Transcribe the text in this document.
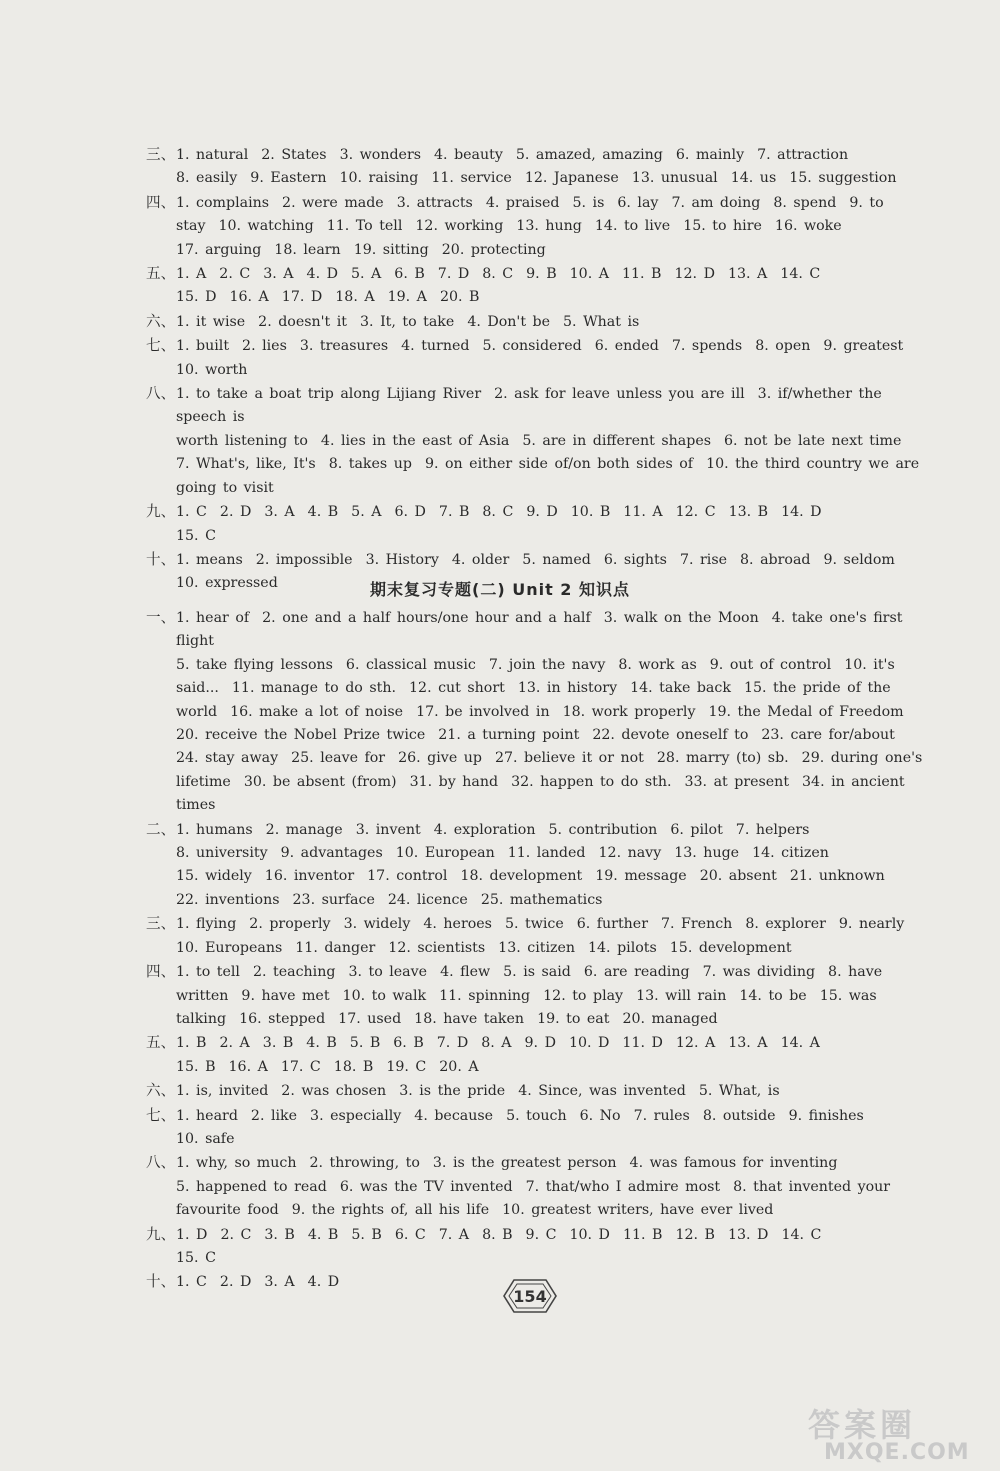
三、 1. natural  2. States  3. wonders  4. beauty  5. amazed, amazing  6. mainly  7. attraction
8. easily  9. Eastern  10. raising  11. service  12. Japanese  13. unusual  14. us  15. suggestion
四、 1. complains  2. were made  3. attracts  4. praised  5. is  6. lay  7. am doing  8. spend  9. to
stay  10. watching  11. To tell  12. working  13. hung  14. to live  15. to hire  16. woke
17. arguing  18. learn  19. sitting  20. protecting
五、 1. A  2. C  3. A  4. D  5. A  6. B  7. D  8. C  9. B  10. A  11. B  12. D  13. A  14. C
15. D  16. A  17. D  18. A  19. A  20. B
六、 1. it wise  2. doesn't it  3. It, to take  4. Don't be  5. What is
七、 1. built  2. lies  3. treasures  4. turned  5. considered  6. ended  7. spends  8. open  9. greatest
10. worth
八、 1. to take a boat trip along Lijiang River  2. ask for leave unless you are ill  3. if/whether the speech is
worth listening to  4. lies in the east of Asia  5. are in different shapes  6. not be late next time
7. What's, like, It's  8. takes up  9. on either side of/on both sides of  10. the third country we are
going to visit
九、 1. C  2. D  3. A  4. B  5. A  6. D  7. B  8. C  9. D  10. B  11. A  12. C  13. B  14. D
15. C
十、 1. means  2. impossible  3. History  4. older  5. named  6. sights  7. rise  8. abroad  9. seldom
10. expressed	期末复习专题(二) Unit 2 知识点
一、 1. hear of  2. one and a half hours/one hour and a half  3. walk on the Moon  4. take one's first flight
5. take flying lessons  6. classical music  7. join the navy  8. work as  9. out of control  10. it's
said...  11. manage to do sth.  12. cut short  13. in history  14. take back  15. the pride of the
world  16. make a lot of noise  17. be involved in  18. work properly  19. the Medal of Freedom
20. receive the Nobel Prize twice  21. a turning point  22. devote oneself to  23. care for/about
24. stay away  25. leave for  26. give up  27. believe it or not  28. marry (to) sb.  29. during one's
lifetime  30. be absent (from)  31. by hand  32. happen to do sth.  33. at present  34. in ancient
times
二、 1. humans  2. manage  3. invent  4. exploration  5. contribution  6. pilot  7. helpers
8. university  9. advantages  10. European  11. landed  12. navy  13. huge  14. citizen
15. widely  16. inventor  17. control  18. development  19. message  20. absent  21. unknown
22. inventions  23. surface  24. licence  25. mathematics
三、 1. flying  2. properly  3. widely  4. heroes  5. twice  6. further  7. French  8. explorer  9. nearly
10. Europeans  11. danger  12. scientists  13. citizen  14. pilots  15. development
四、 1. to tell  2. teaching  3. to leave  4. flew  5. is said  6. are reading  7. was dividing  8. have
written  9. have met  10. to walk  11. spinning  12. to play  13. will rain  14. to be  15. was
talking  16. stepped  17. used  18. have taken  19. to eat  20. managed
五、 1. B  2. A  3. B  4. B  5. B  6. B  7. D  8. A  9. D  10. D  11. D  12. A  13. A  14. A
15. B  16. A  17. C  18. B  19. C  20. A
六、 1. is, invited  2. was chosen  3. is the pride  4. Since, was invented  5. What, is
七、 1. heard  2. like  3. especially  4. because  5. touch  6. No  7. rules  8. outside  9. finishes
10. safe
八、 1. why, so much  2. throwing, to  3. is the greatest person  4. was famous for inventing
5. happened to read  6. was the TV invented  7. that/who I admire most  8. that invented your
favourite food  9. the rights of, all his life  10. greatest writers, have ever lived
九、 1. D  2. C  3. B  4. B  5. B  6. C  7. A  8. B  9. C  10. D  11. B  12. B  13. D  14. C
15. C
十、 1. C  2. D  3. A  4. D
154
答案圈
MXQE.COM
